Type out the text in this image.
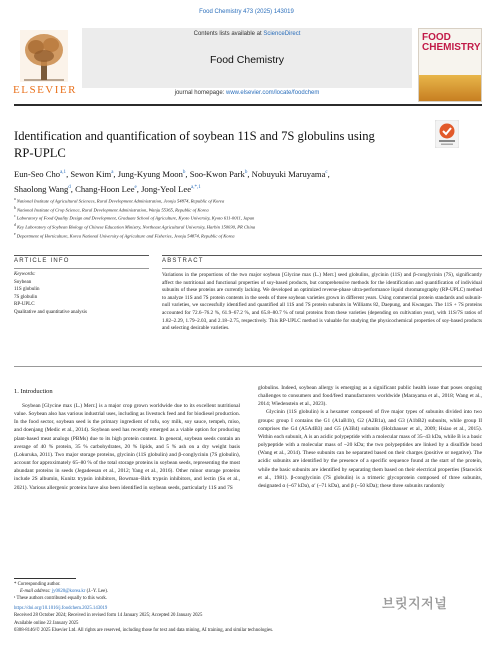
Food Chemistry 473 (2025) 143019
ELSEVIER
Contents lists available at ScienceDirect
Food Chemistry
journal homepage: www.elsevier.com/locate/foodchem
FOOD CHEMISTRY
Identification and quantification of soybean 11S and 7S globulins using RP-UPLC
Eun-Seo Cho$^{a,1}$, Sewon Kim$^a$, Jung-Kyung Moon$^b$, Soo-Kwon Park$^b$, Nobuyuki Maruyama$^c$,
Shaolong Wang$^d$, Chang-Hoon Lee$^e$, Jong-Yeol Lee$^{a,*,1}$
$^a$ National Institute of Agricultural Sciences, Rural Development Administration, Jeonju 54874, Republic of Korea
$^b$ National Institute of Crop Science, Rural Development Administration, Wanju 55365, Republic of Korea
$^c$ Laboratory of Food Quality Design and Development, Graduate School of Agriculture, Kyoto University, Kyoto 611-0011, Japan
$^d$ Key Laboratory of Soybean Biology of Chinese Education Ministry, Northeast Agricultural University, Harbin 150030, PR China
$^e$ Department of Horticulture, Korea National University of Agriculture and Fisheries, Jeonju 54874, Republic of Korea
ARTICLE INFO	ABSTRACT
Keywords:
Soybean
11S globulin
7S globulin
RP-UPLC
Qualitative and quantitative analysis
Variations in the proportions of the two major soybean [Glycine max (L.) Merr.] seed globulins, glycinin (11S) and β-conglycinin (7S), significantly affect the nutritional and functional properties of soy-based products, but comprehensive methods for the identification and quantification of individual subunits of these proteins are currently lacking. We developed an optimized reverse-phase ultra-performance liquid chromatography (RP-UPLC) method to analyze 11S and 7S protein contents in the seeds of three soybean varieties grown in different years. Using commercial protein standards and subunit-null varieties, we successfully identified and quantified all 11S and 7S protein subunits in Williams 82, Daepung, and Kwangan. The 11S + 7S proteins accounted for 72.6–76.2 %, 61.9–67.2 %, and 65.8–80.7 % of total proteins from these varieties (depending on cultivation year), with 11S/7S ratios of 1.82–2.29, 1.79–2.03, and 2.18–2.75, respectively. This RP-UPLC method is valuable for studying the physicochemical properties of soy-based products and selecting desirable varieties.
1. Introduction

Soybean [Glycine max (L.) Merr.] is a major crop grown worldwide due to its excellent nutritional value. Soybean also has various industrial uses, including as livestock feed and for biodiesel production. In the food sector, soybean seed is the primary ingredient of tofu, soy milk, soy sauce, tempeh, miso, and doenjang (Medic et al., 2014). Soybean seed has recently emerged as a viable option for producing plant-based meat analogs (PBMs) due to its high protein content. In general, soybean seeds contain an average of 40 % protein, 35 % carbohydrates, 20 % lipids, and 5 % ash on a dry weight basis (Lokuruka, 2011). Two major storage proteins, glycinin (11S globulin) and β-conglycinin (7S globulin), account for approximately 65–80 % of the total storage proteins in soybean seeds, representing the most abundant proteins in seeds (Jegadeesan et al., 2012; Yang et al., 2016). Other minor storage proteins include 2S albumin, Kunitz trypsin inhibitors, Bowman–Birk trypsin inhibitors, and lectin (Su et al., 2021). Various allergenic proteins have also been identified in soybean seeds, particularly 11S and 7S

globulins. Indeed, soybean allergy is emerging as a significant public health issue that poses ongoing challenges to consumers and food/feed manufacturers worldwide (Marayama et al., 2018; Wang et al., 2014; Wiedenstein et al., 2023).

Glycinin (11S globulin) is a hexamer composed of five major types of subunits divided into two groups: group I contains the G1 (A1aB1b), G2 (A2B1a), and G3 (A1bB2) subunits, while group II comprises the G4 (A5A4B3) and G5 (A3B4) subunits (Holzhauser et al., 2009; Hsiao et al., 2015). Within each subunit, A is an acidic polypeptide with a molecular mass of 35–43 kDa, while B is a basic polypeptide with a molecular mass of ~20 kDa; the two polypeptides are linked by a disulfide bond (Wang et al., 2014). These subunits can be separated based on their charges (positive or negative). The acidic subunits are identified by the presence of a specific sequence found at the start of the protein, while the basic subunits are identified by separating them based on their electrical properties (Staswick et al., 1981). β-conglycinin (7S globulin) is a trimeric glycoprotein composed of three subunits, designated α (~67 kDa), α′ (~71 kDa), and β (~50 kDa); these three subunits randomly

* Corresponding author.
E-mail address: jy0820@korea.kr (J.-Y. Lee).
¹ These authors contributed equally to this work.
https://doi.org/10.1016/j.foodchem.2025.143019
Received 28 October 2024; Received in revised form 14 January 2025; Accepted 20 January 2025
Available online 22 January 2025
0308-8146/© 2025 Elsevier Ltd. All rights are reserved, including those for text and data mining, AI training, and similar technologies.
브릿지저널
